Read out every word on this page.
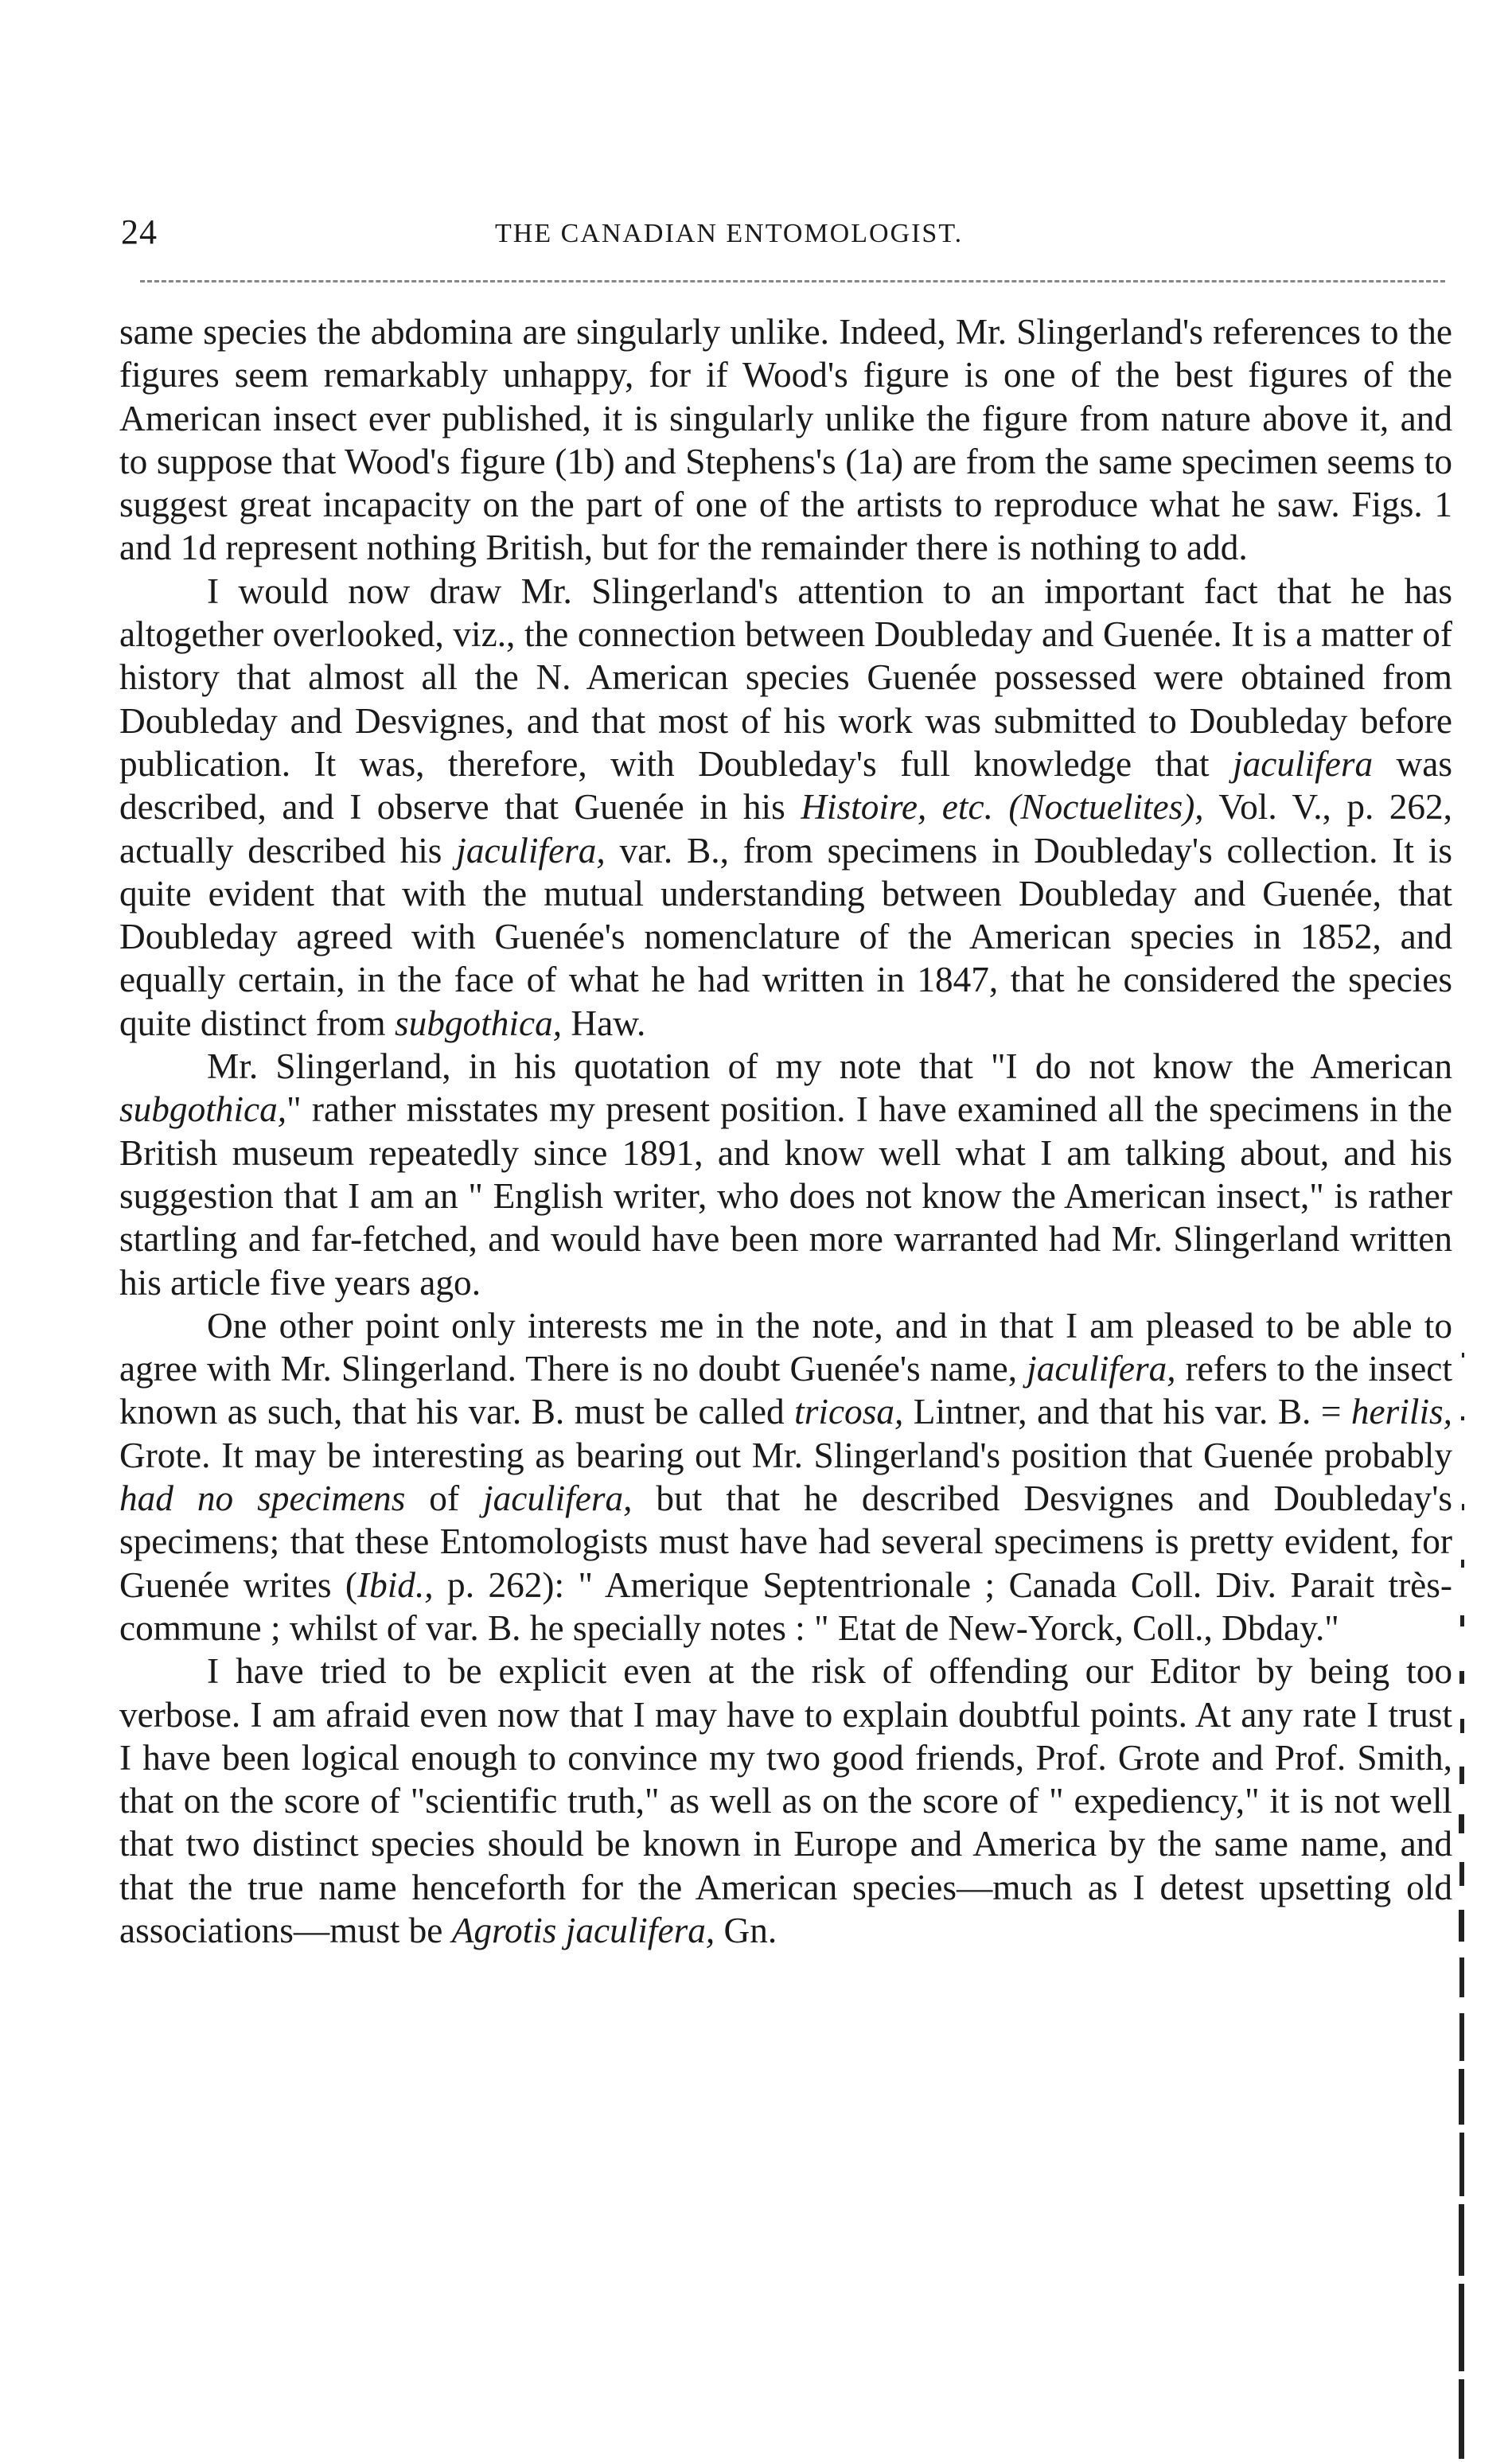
24	THE CANADIAN ENTOMOLOGIST.

same species the abdomina are singularly unlike. Indeed, Mr. Slingerland's references to the figures seem remarkably unhappy, for if Wood's figure is one of the best figures of the American insect ever published, it is singularly unlike the figure from nature above it, and to suppose that Wood's figure (1b) and Stephens's (1a) are from the same specimen seems to suggest great incapacity on the part of one of the artists to reproduce what he saw. Figs. 1 and 1d represent nothing British, but for the remainder there is nothing to add.

I would now draw Mr. Slingerland's attention to an important fact that he has altogether overlooked, viz., the connection between Doubleday and Guenée. It is a matter of history that almost all the N. American species Guenée possessed were obtained from Doubleday and Desvignes, and that most of his work was submitted to Doubleday before publication. It was, therefore, with Doubleday's full knowledge that jaculifera was described, and I observe that Guenée in his Histoire, etc. (Noctuelites), Vol. V., p. 262, actually described his jaculifera, var. B., from specimens in Doubleday's collection. It is quite evident that with the mutual understanding between Doubleday and Guenée, that Doubleday agreed with Guenée's nomenclature of the American species in 1852, and equally certain, in the face of what he had written in 1847, that he considered the species quite distinct from subgothica, Haw.

Mr. Slingerland, in his quotation of my note that "I do not know the American subgothica," rather misstates my present position. I have examined all the specimens in the British museum repeatedly since 1891, and know well what I am talking about, and his suggestion that I am an " English writer, who does not know the American insect," is rather startling and far-fetched, and would have been more warranted had Mr. Slingerland written his article five years ago.

One other point only interests me in the note, and in that I am pleased to be able to agree with Mr. Slingerland. There is no doubt Guenée's name, jaculifera, refers to the insect known as such, that his var. B. must be called tricosa, Lintner, and that his var. B. = herilis, Grote. It may be interesting as bearing out Mr. Slingerland's position that Guenée probably had no specimens of jaculifera, but that he described Desvignes and Doubleday's specimens; that these Entomologists must have had several specimens is pretty evident, for Guenée writes (Ibid., p. 262): " Amerique Septentrionale ; Canada Coll. Div. Parait très-commune ; whilst of var. B. he specially notes : " Etat de New-Yorck, Coll., Dbday."

I have tried to be explicit even at the risk of offending our Editor by being too verbose. I am afraid even now that I may have to explain doubtful points. At any rate I trust I have been logical enough to convince my two good friends, Prof. Grote and Prof. Smith, that on the score of "scientific truth," as well as on the score of " expediency," it is not well that two distinct species should be known in Europe and America by the same name, and that the true name henceforth for the American species—much as I detest upsetting old associations—must be Agrotis jaculifera, Gn.
